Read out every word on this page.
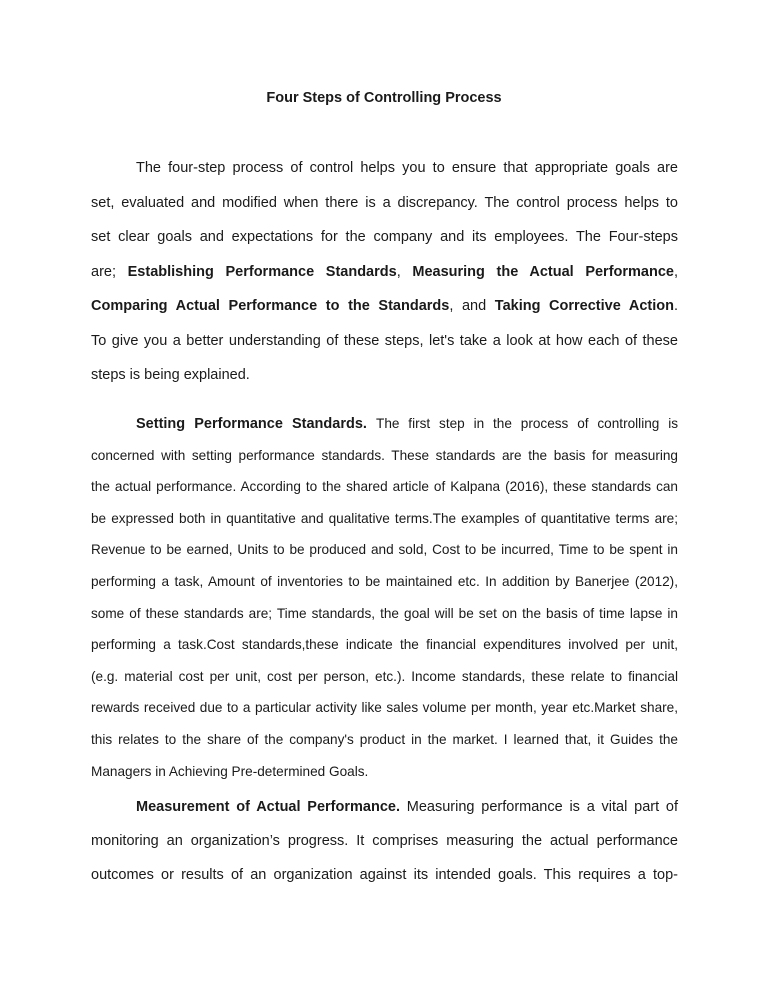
Four Steps of Controlling Process
The four-step process of control helps you to ensure that appropriate goals are
set, evaluated and modified when there is a discrepancy. The control process helps to
set clear goals and expectations for the company and its employees. The Four-steps
are; Establishing Performance Standards, Measuring the Actual Performance,
Comparing Actual Performance to the Standards, and Taking Corrective Action.
To give you a better understanding of these steps, let's take a look at how each of these
steps is being explained.
Setting Performance Standards. The first step in the process of controlling is
concerned with setting performance standards. These standards are the basis for measuring
the actual performance. According to the shared article of Kalpana (2016), these standards can
be expressed both in quantitative and qualitative terms.The examples of quantitative terms are;
Revenue to be earned, Units to be produced and sold, Cost to be incurred, Time to be spent in
performing a task, Amount of inventories to be maintained etc. In addition by Banerjee (2012),
some of these standards are; Time standards, the goal will be set on the basis of time lapse in
performing a task.Cost standards,these indicate the financial expenditures involved per unit,
(e.g. material cost per unit, cost per person, etc.). Income standards, these relate to financial
rewards received due to a particular activity like sales volume per month, year etc.Market share,
this relates to the share of the company's product in the market. I learned that, it Guides the
Managers in Achieving Pre-determined Goals.
Measurement of Actual Performance. Measuring performance is a vital part of
monitoring an organization’s progress. It comprises measuring the actual performance
outcomes or results of an organization against its intended goals. This requires a top-
